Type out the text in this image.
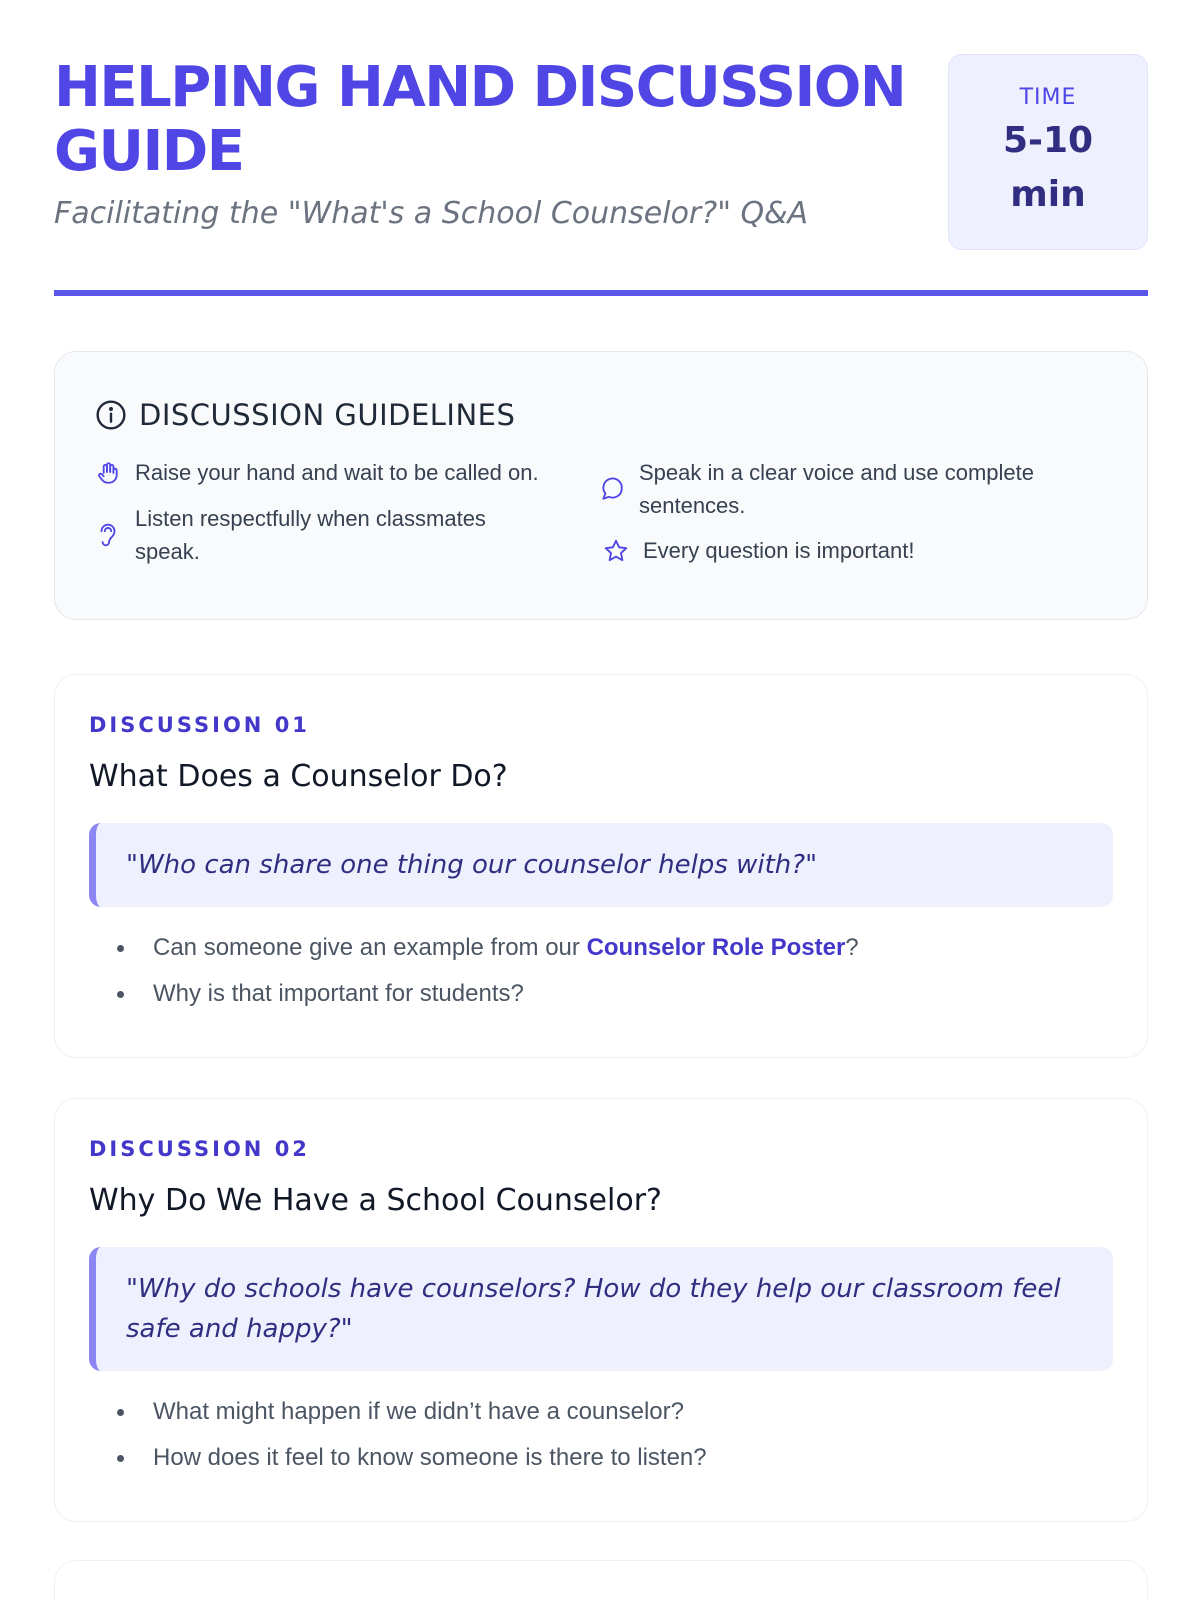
HELPING HAND DISCUSSION GUIDE
Facilitating the "What's a School Counselor?" Q&A
TIME
5-10
min
DISCUSSION GUIDELINES
Raise your hand and wait to be called on.
Listen respectfully when classmates
speak.
Speak in a clear voice and use complete
sentences.
Every question is important!
DISCUSSION 01
What Does a Counselor Do?
"Who can share one thing our counselor helps with?"
Can someone give an example from our Counselor Role Poster?
Why is that important for students?
DISCUSSION 02
Why Do We Have a School Counselor?
"Why do schools have counselors? How do they help our classroom feel safe and happy?"
What might happen if we didn’t have a counselor?
How does it feel to know someone is there to listen?
